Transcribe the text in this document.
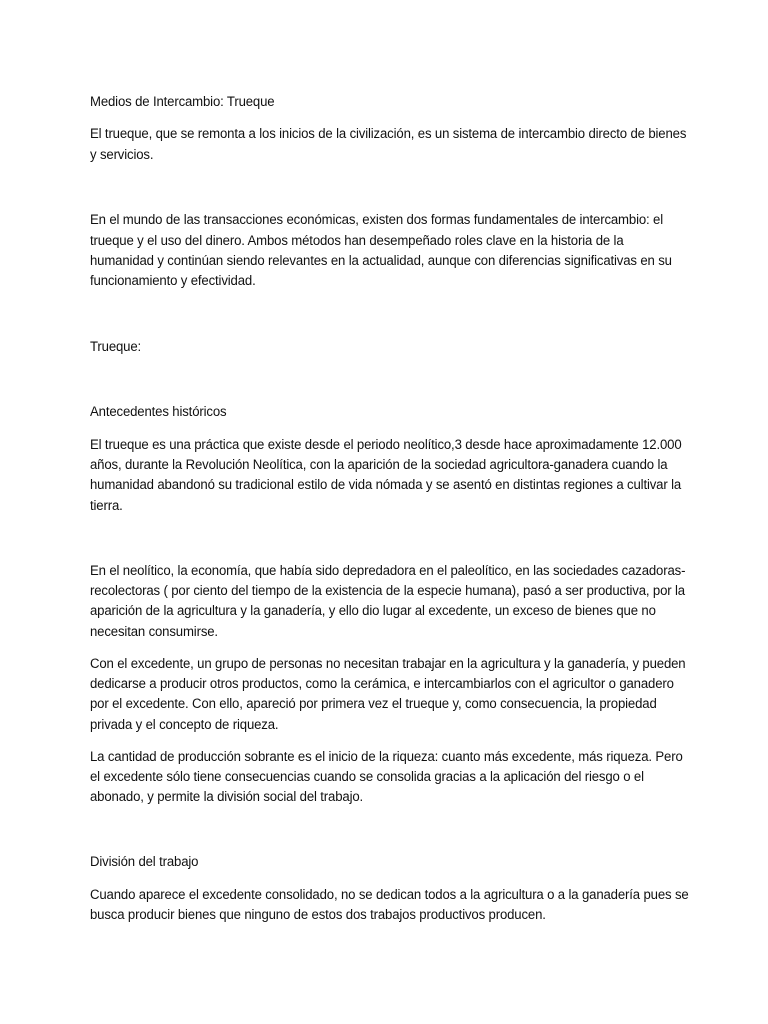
Medios de Intercambio: Trueque
El trueque, que se remonta a los inicios de la civilización, es un sistema de intercambio directo de bienes
y servicios.
En el mundo de las transacciones económicas, existen dos formas fundamentales de intercambio: el
trueque y el uso del dinero. Ambos métodos han desempeñado roles clave en la historia de la
humanidad y continúan siendo relevantes en la actualidad, aunque con diferencias significativas en su
funcionamiento y efectividad.
Trueque:
Antecedentes históricos
El trueque es una práctica que existe desde el periodo neolítico,3 desde hace aproximadamente 12.000
años, durante la Revolución Neolítica, con la aparición de la sociedad agricultora-ganadera cuando la
humanidad abandonó su tradicional estilo de vida nómada y se asentó en distintas regiones a cultivar la
tierra.
En el neolítico, la economía, que había sido depredadora en el paleolítico, en las sociedades cazadoras-
recolectoras ( por ciento del tiempo de la existencia de la especie humana), pasó a ser productiva, por la
aparición de la agricultura y la ganadería, y ello dio lugar al excedente, un exceso de bienes que no
necesitan consumirse.
Con el excedente, un grupo de personas no necesitan trabajar en la agricultura y la ganadería, y pueden
dedicarse a producir otros productos, como la cerámica, e intercambiarlos con el agricultor o ganadero
por el excedente. Con ello, apareció por primera vez el trueque y, como consecuencia, la propiedad
privada y el concepto de riqueza.
La cantidad de producción sobrante es el inicio de la riqueza: cuanto más excedente, más riqueza. Pero
el excedente sólo tiene consecuencias cuando se consolida gracias a la aplicación del riesgo o el
abonado, y permite la división social del trabajo.
División del trabajo
Cuando aparece el excedente consolidado, no se dedican todos a la agricultura o a la ganadería pues se
busca producir bienes que ninguno de estos dos trabajos productivos producen.
